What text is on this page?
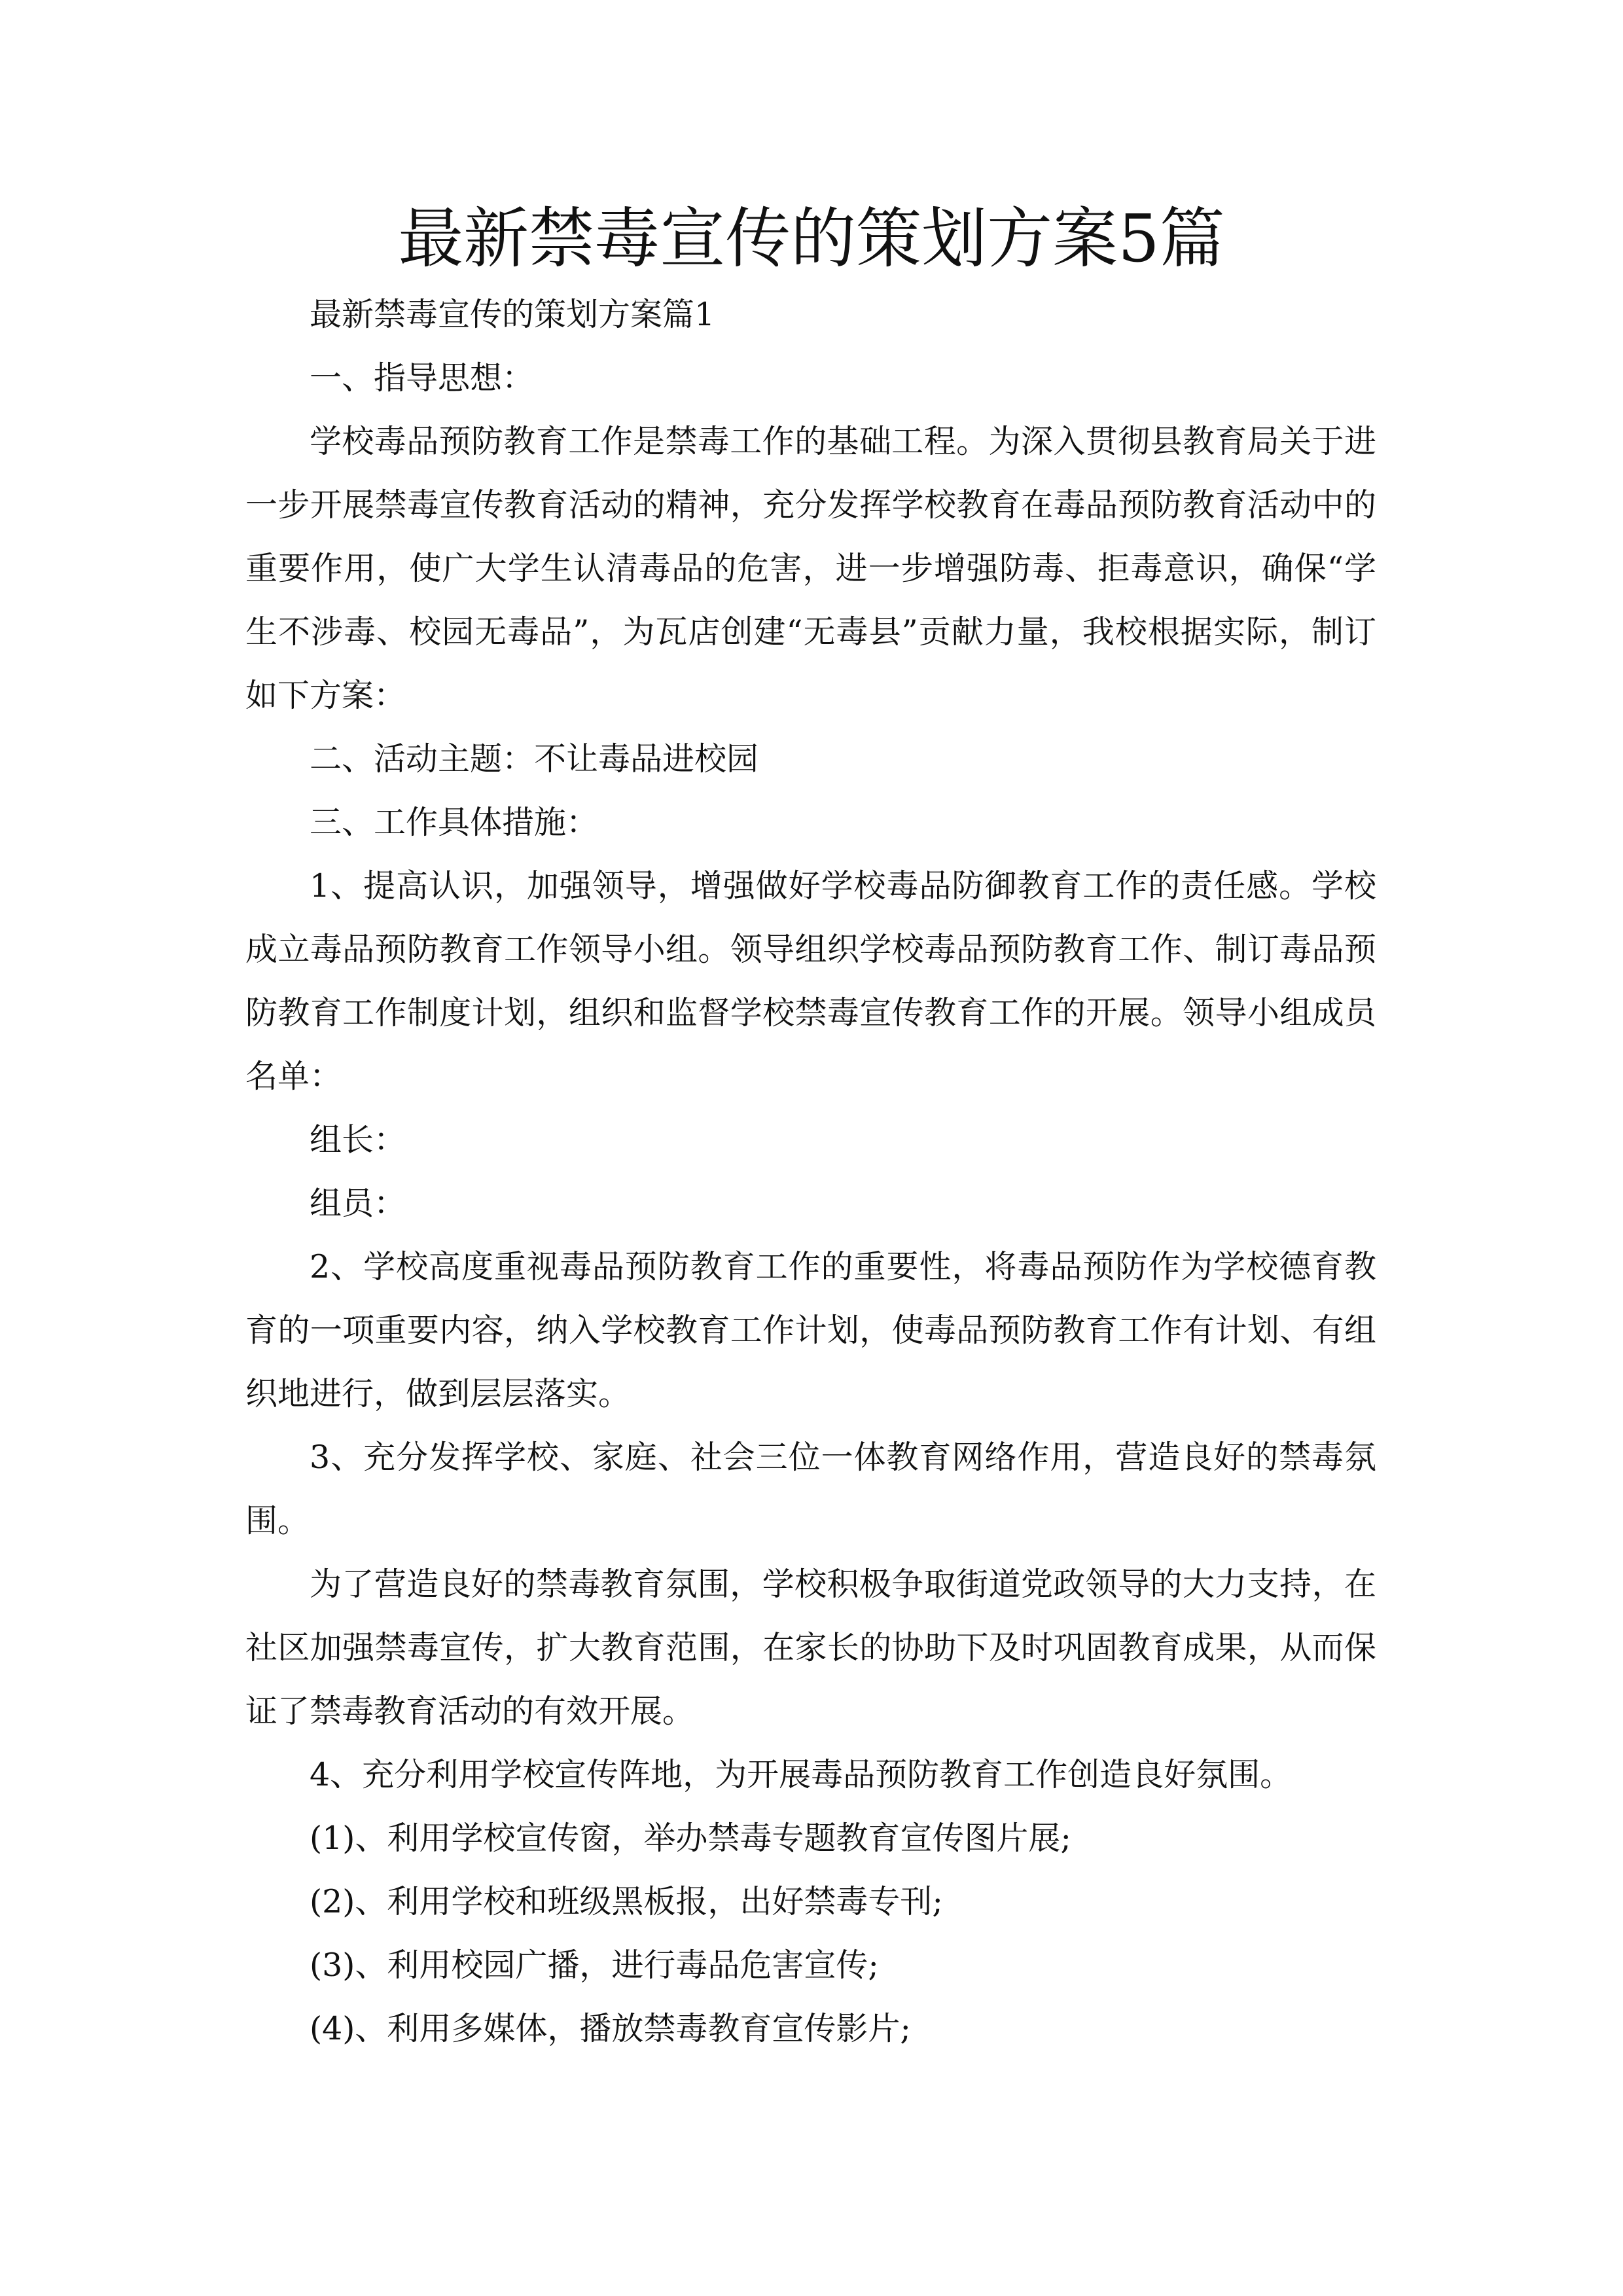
最新禁毒宣传的策划方案5篇

最新禁毒宣传的策划方案篇1

一、指导思想：

学校毒品预防教育工作是禁毒工作的基础工程。为深入贯彻县教育局关于进一步开展禁毒宣传教育活动的精神，充分发挥学校教育在毒品预防教育活动中的重要作用，使广大学生认清毒品的危害，进一步增强防毒、拒毒意识，确保“学生不涉毒、校园无毒品”，为瓦店创建“无毒县”贡献力量，我校根据实际，制订如下方案：

二、活动主题：不让毒品进校园

三、工作具体措施：

1、提高认识，加强领导，增强做好学校毒品防御教育工作的责任感。学校成立毒品预防教育工作领导小组。领导组织学校毒品预防教育工作、制订毒品预防教育工作制度计划，组织和监督学校禁毒宣传教育工作的开展。领导小组成员名单：

组长：

组员：

2、学校高度重视毒品预防教育工作的重要性，将毒品预防作为学校德育教育的一项重要内容，纳入学校教育工作计划，使毒品预防教育工作有计划、有组织地进行，做到层层落实。

3、充分发挥学校、家庭、社会三位一体教育网络作用，营造良好的禁毒氛围。

为了营造良好的禁毒教育氛围，学校积极争取街道党政领导的大力支持，在社区加强禁毒宣传，扩大教育范围，在家长的协助下及时巩固教育成果，从而保证了禁毒教育活动的有效开展。

4、充分利用学校宣传阵地，为开展毒品预防教育工作创造良好氛围。

(1)、利用学校宣传窗，举办禁毒专题教育宣传图片展;

(2)、利用学校和班级黑板报，出好禁毒专刊;

(3)、利用校园广播，进行毒品危害宣传;

(4)、利用多媒体，播放禁毒教育宣传影片;
